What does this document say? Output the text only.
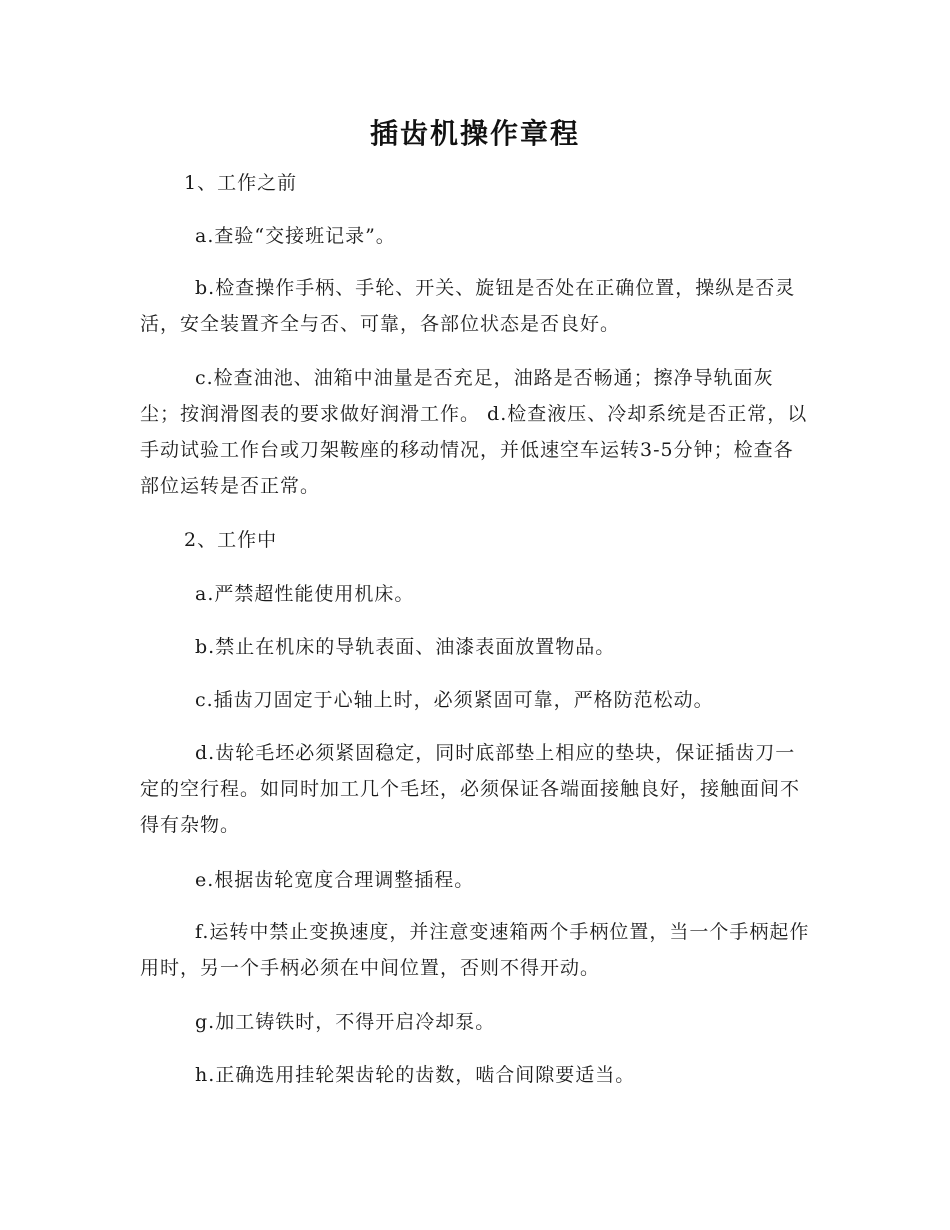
插齿机操作章程

1、工作之前

a.查验“交接班记录”。

b.检查操作手柄、手轮、开关、旋钮是否处在正确位置，操纵是否灵活，安全装置齐全与否、可靠，各部位状态是否良好。

c.检查油池、油箱中油量是否充足，油路是否畅通；擦净导轨面灰尘；按润滑图表的要求做好润滑工作。 d.检查液压、冷却系统是否正常，以手动试验工作台或刀架鞍座的移动情况，并低速空车运转3-5分钟；检查各部位运转是否正常。

2、工作中

a.严禁超性能使用机床。

b.禁止在机床的导轨表面、油漆表面放置物品。

c.插齿刀固定于心轴上时，必须紧固可靠，严格防范松动。

d.齿轮毛坯必须紧固稳定，同时底部垫上相应的垫块，保证插齿刀一定的空行程。如同时加工几个毛坯，必须保证各端面接触良好，接触面间不得有杂物。

e.根据齿轮宽度合理调整插程。

f.运转中禁止变换速度，并注意变速箱两个手柄位置，当一个手柄起作用时，另一个手柄必须在中间位置，否则不得开动。

g.加工铸铁时，不得开启冷却泵。

h.正确选用挂轮架齿轮的齿数，啮合间隙要适当。
